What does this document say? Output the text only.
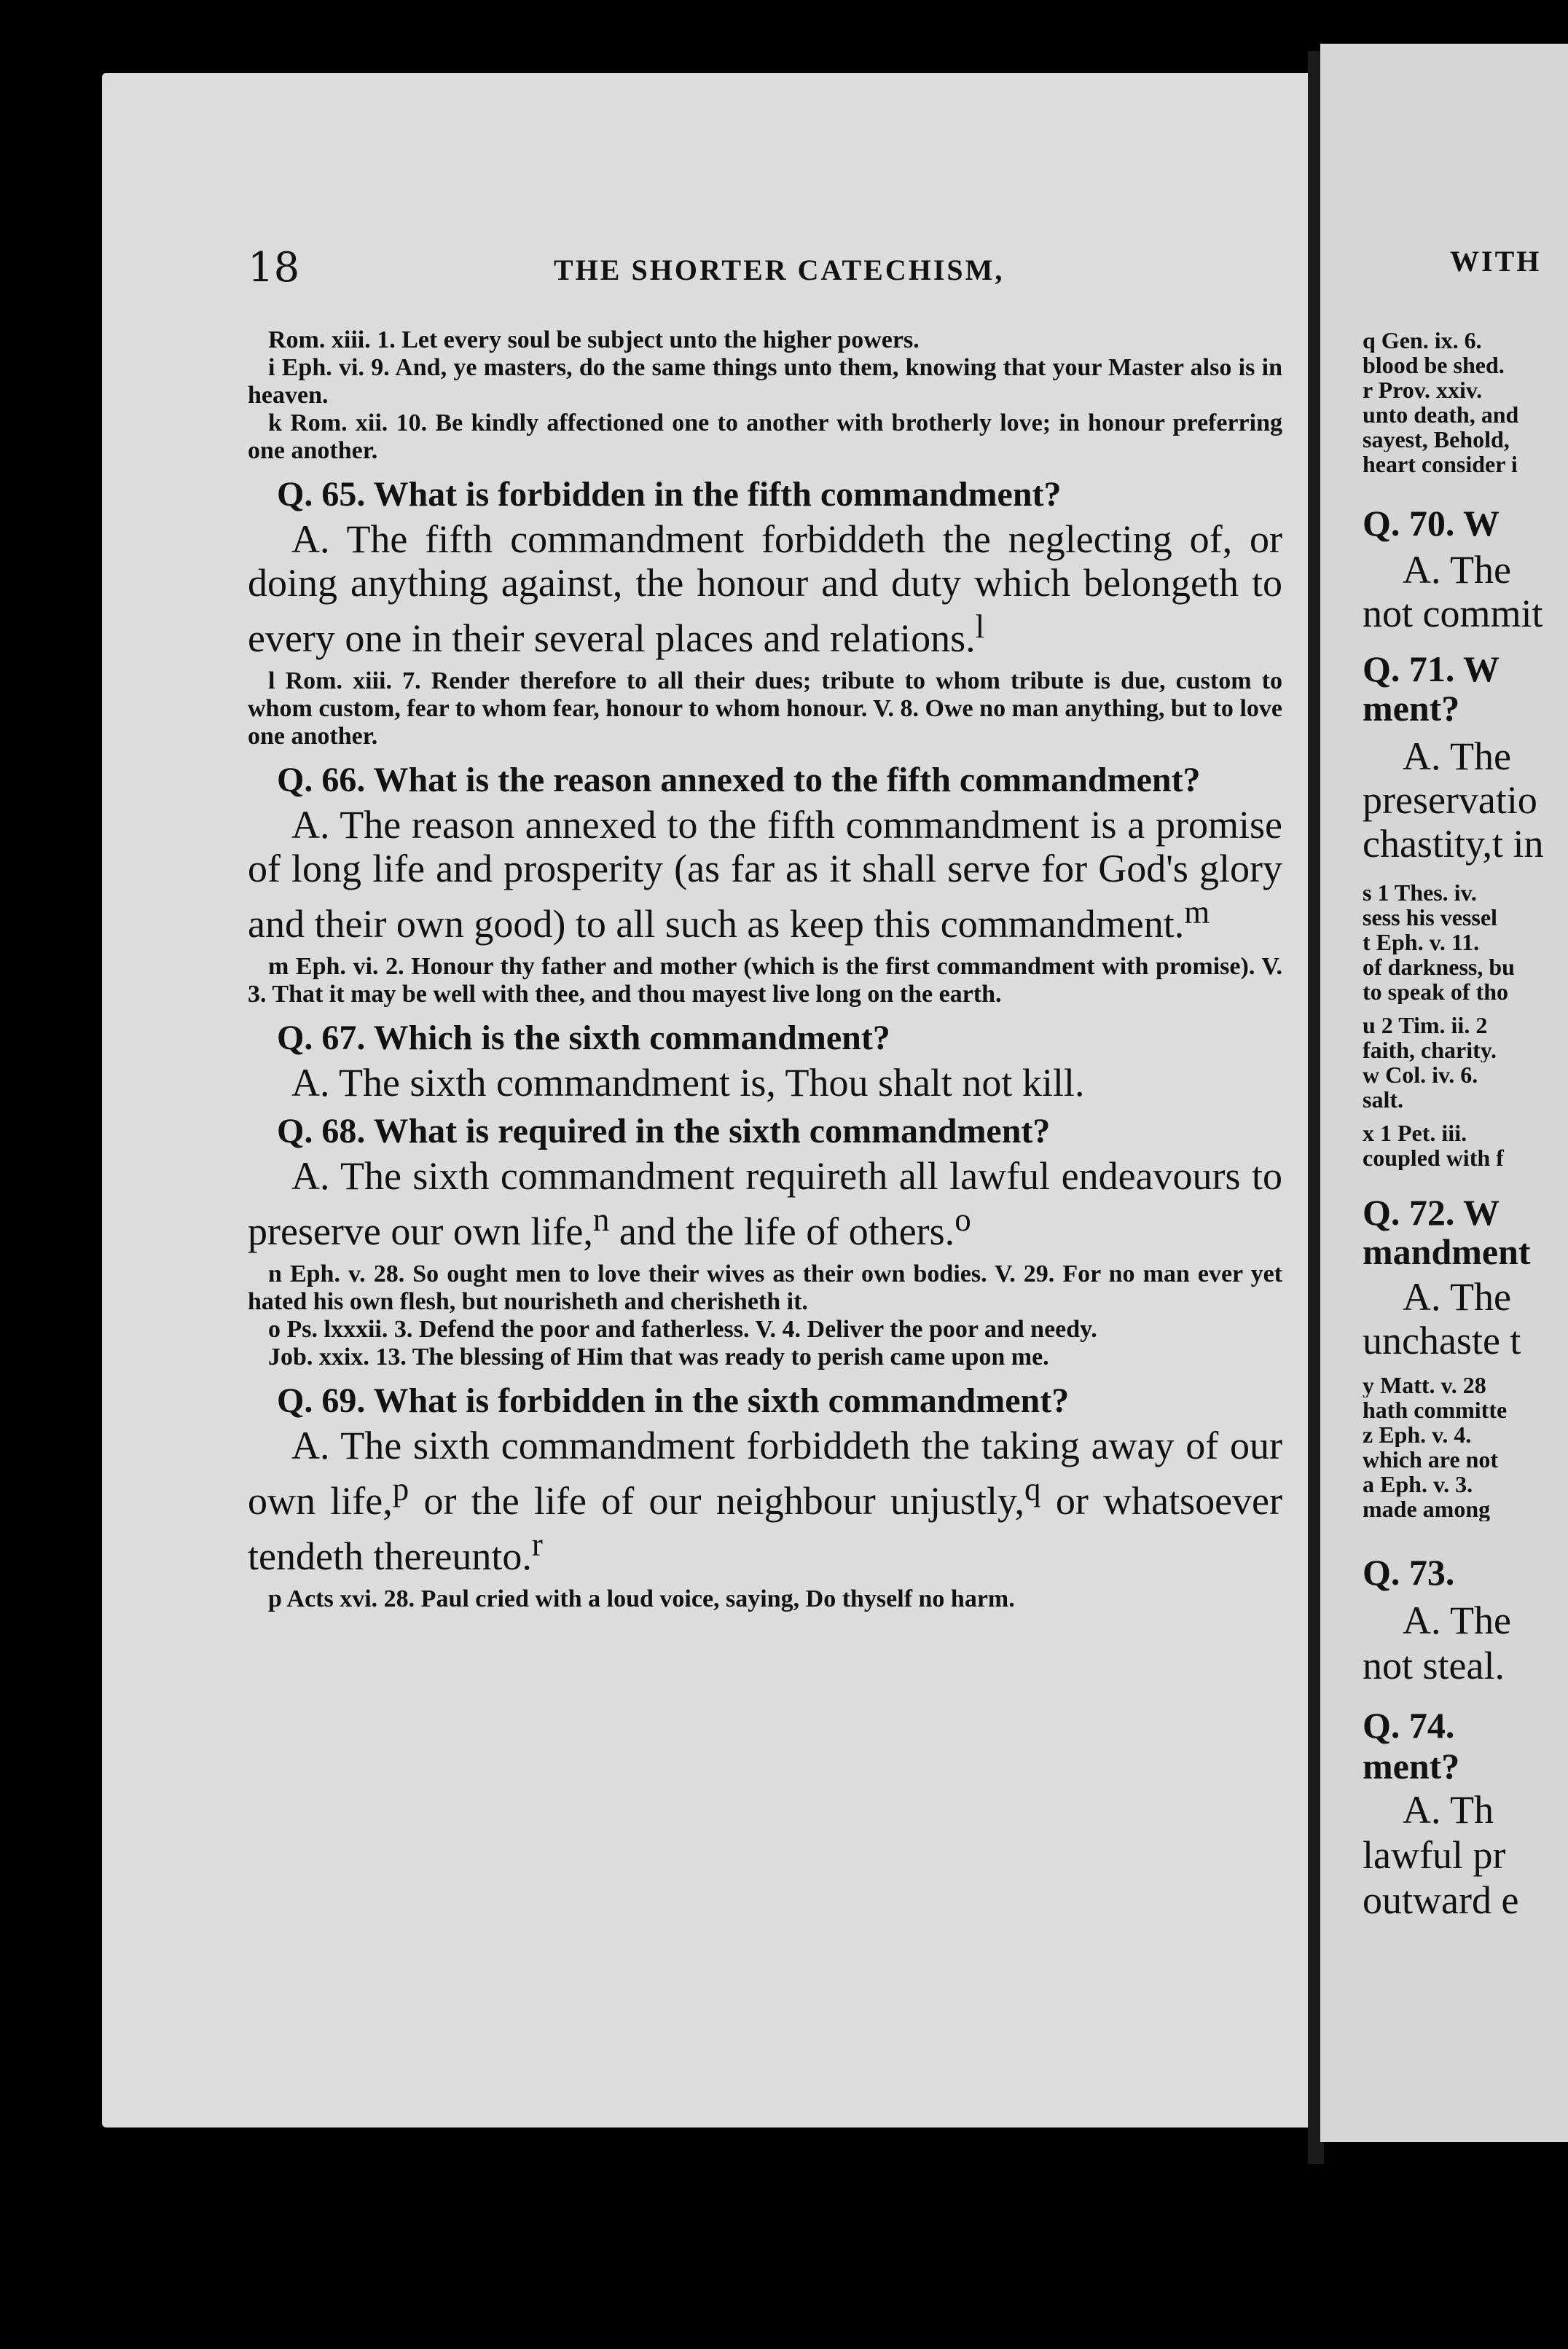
18	THE SHORTER CATECHISM,

Rom. xiii. 1. Let every soul be subject unto the higher powers.

i Eph. vi. 9. And, ye masters, do the same things unto them, knowing that your Master also is in heaven.

k Rom. xii. 10. Be kindly affectioned one to another with brotherly love; in honour preferring one another.

Q. 65. What is forbidden in the fifth commandment?

A. The fifth commandment forbiddeth the neglecting of, or doing anything against, the honour and duty which belongeth to every one in their several places and relations.$^l$

l Rom. xiii. 7. Render therefore to all their dues; tribute to whom tribute is due, custom to whom custom, fear to whom fear, honour to whom honour. V. 8. Owe no man anything, but to love one another.

Q. 66. What is the reason annexed to the fifth commandment?

A. The reason annexed to the fifth commandment is a promise of long life and prosperity (as far as it shall serve for God's glory and their own good) to all such as keep this commandment.$^m$

m Eph. vi. 2. Honour thy father and mother (which is the first commandment with promise). V. 3. That it may be well with thee, and thou mayest live long on the earth.

Q. 67. Which is the sixth commandment?

A. The sixth commandment is, Thou shalt not kill.

Q. 68. What is required in the sixth commandment?

A. The sixth commandment requireth all lawful endeavours to preserve our own life,$^n$ and the life of others.$^o$

n Eph. v. 28. So ought men to love their wives as their own bodies. V. 29. For no man ever yet hated his own flesh, but nourisheth and cherisheth it.

o Ps. lxxxii. 3. Defend the poor and fatherless. V. 4. Deliver the poor and needy.

Job. xxix. 13. The blessing of Him that was ready to perish came upon me.

Q. 69. What is forbidden in the sixth commandment?

A. The sixth commandment forbiddeth the taking away of our own life,$^p$ or the life of our neighbour unjustly,$^q$ or whatsoever tendeth thereunto.$^r$

p Acts xvi. 28. Paul cried with a loud voice, saying, Do thyself no harm.

WITH
q Gen. ix. 6.
blood be shed.
r Prov. xxiv.
unto death, and
sayest, Behold,
heart consider i
Q. 70. W
A. The
not commit
Q. 71. W
ment?
A. The
preservatio
chastity,t in
s 1 Thes. iv.
sess his vessel
t Eph. v. 11.
of darkness, bu
to speak of tho
u 2 Tim. ii. 2
faith, charity.
w Col. iv. 6.
salt.
x 1 Pet. iii.
coupled with f
Q. 72. W
mandment
A. The
unchaste t
y Matt. v. 28
hath committe
z Eph. v. 4.
which are not
a Eph. v. 3.
made among
Q. 73.
A. The
not steal.
Q. 74.
ment?
A. Th
lawful pr
outward e
